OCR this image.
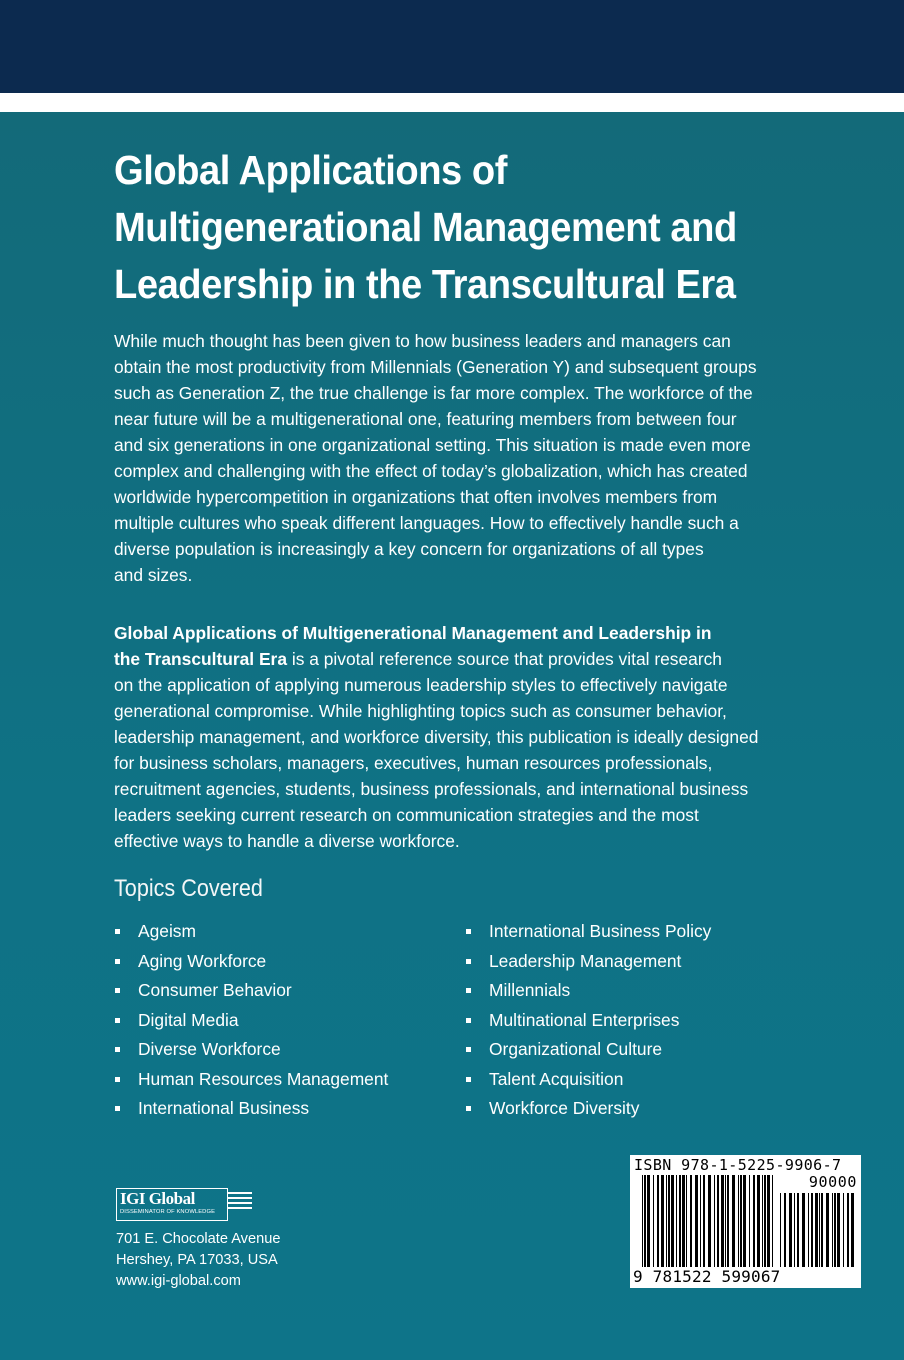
Global Applications of
Multigenerational Management and
Leadership in the Transcultural Era
While much thought has been given to how business leaders and managers can
obtain the most productivity from Millennials (Generation Y) and subsequent groups
such as Generation Z, the true challenge is far more complex. The workforce of the
near future will be a multigenerational one, featuring members from between four
and six generations in one organizational setting. This situation is made even more
complex and challenging with the effect of today’s globalization, which has created
worldwide hypercompetition in organizations that often involves members from
multiple cultures who speak different languages. How to effectively handle such a
diverse population is increasingly a key concern for organizations of all types
and sizes.
Global Applications of Multigenerational Management and Leadership in
the Transcultural Era is a pivotal reference source that provides vital research
on the application of applying numerous leadership styles to effectively navigate
generational compromise. While highlighting topics such as consumer behavior,
leadership management, and workforce diversity, this publication is ideally designed
for business scholars, managers, executives, human resources professionals,
recruitment agencies, students, business professionals, and international business
leaders seeking current research on communication strategies and the most
effective ways to handle a diverse workforce.
Topics Covered
Ageism
Aging Workforce
Consumer Behavior
Digital Media
Diverse Workforce
Human Resources Management
International Business
International Business Policy
Leadership Management
Millennials
Multinational Enterprises
Organizational Culture
Talent Acquisition
Workforce Diversity
IGI Global
DISSEMINATOR OF KNOWLEDGE
701 E. Chocolate Avenue
Hershey, PA 17033, USA
www.igi-global.com
ISBN 978-1-5225-9906-7
90000
9 781522 599067
